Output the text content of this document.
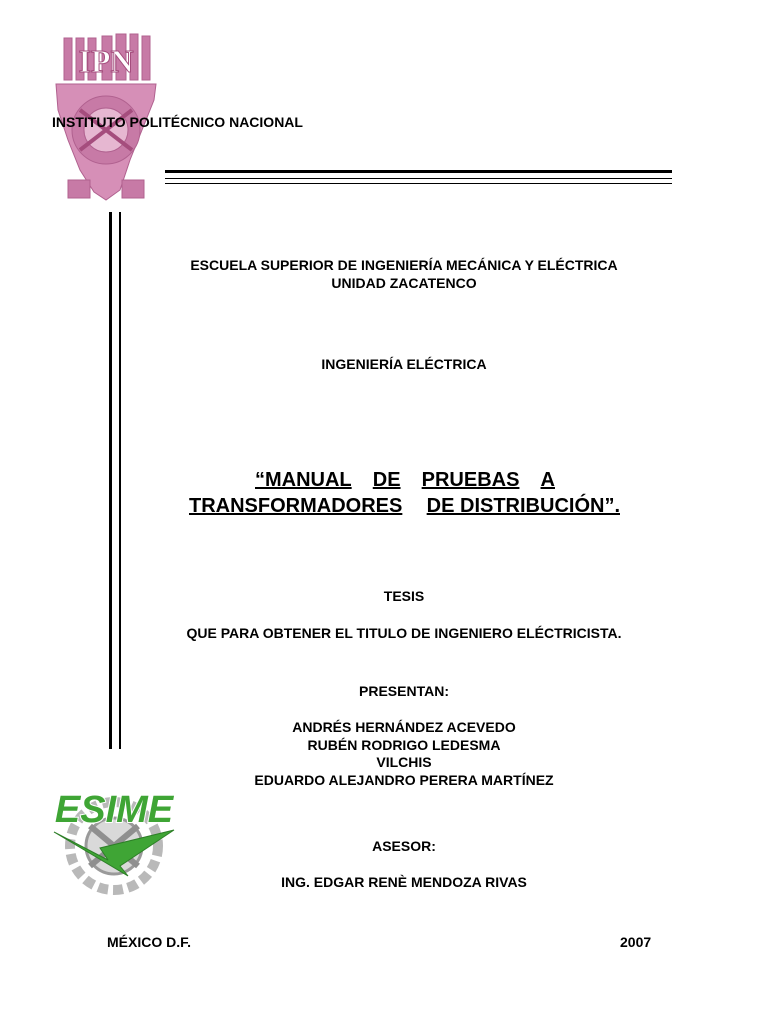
IPN
INSTITUTO POLITÉCNICO NACIONAL
ESCUELA SUPERIOR DE INGENIERÍA MECÁNICA Y ELÉCTRICA
UNIDAD ZACATENCO
INGENIERÍA ELÉCTRICA
“MANUAL DE PRUEBAS A
TRANSFORMADORES DE DISTRIBUCIÓN”.
TESIS
QUE PARA OBTENER EL TITULO DE INGENIERO ELÉCTRICISTA.
PRESENTAN:
ANDRÉS HERNÁNDEZ ACEVEDO
RUBÉN RODRIGO LEDESMA
VILCHIS
EDUARDO ALEJANDRO PERERA MARTÍNEZ
ESIME
ASESOR:
ING. EDGAR RENÈ MENDOZA RIVAS
MÉXICO D.F.	2007
